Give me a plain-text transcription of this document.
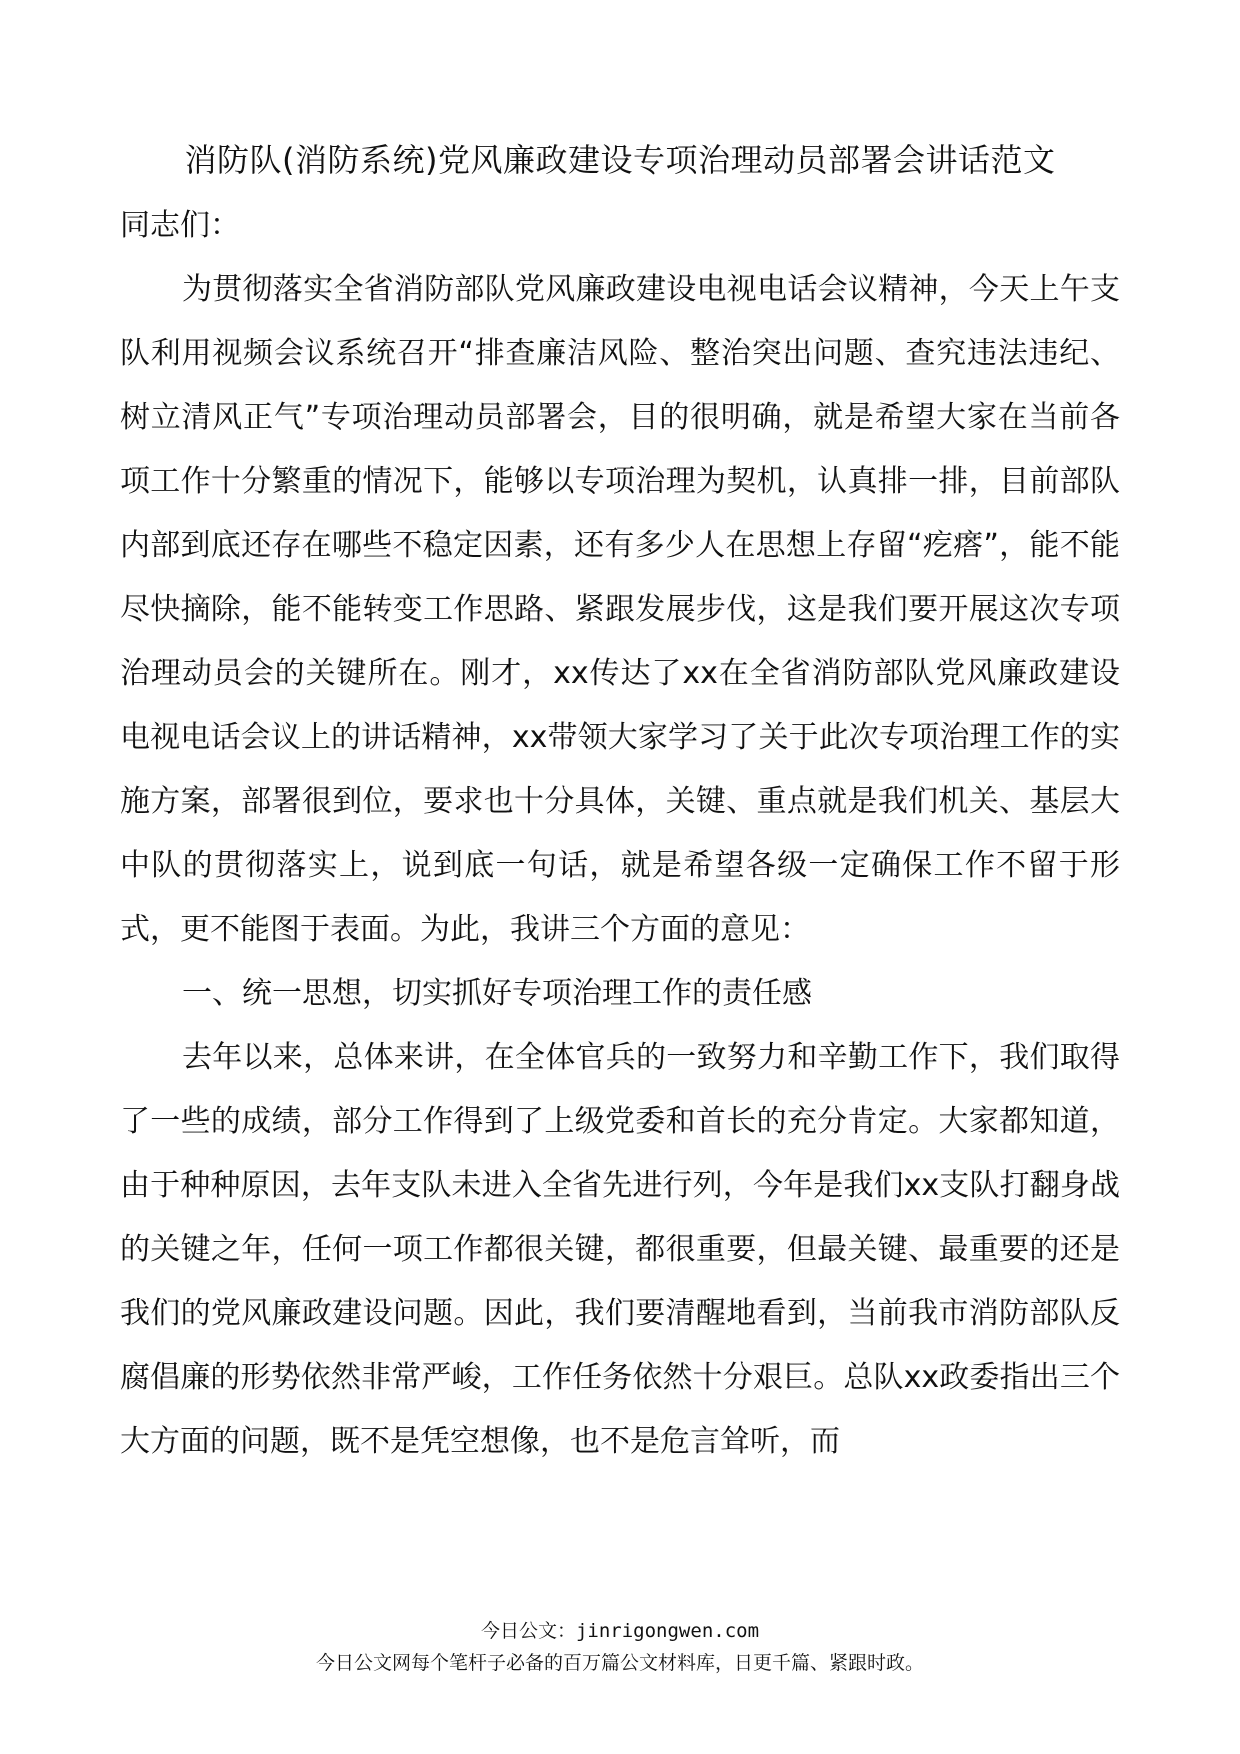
消防队(消防系统)党风廉政建设专项治理动员部署会讲话范文

同志们：

为贯彻落实全省消防部队党风廉政建设电视电话会议精神，今天上午支队利用视频会议系统召开“排查廉洁风险、整治突出问题、查究违法违纪、树立清风正气”专项治理动员部署会，目的很明确，就是希望大家在当前各项工作十分繁重的情况下，能够以专项治理为契机，认真排一排，目前部队内部到底还存在哪些不稳定因素，还有多少人在思想上存留“疙瘩”，能不能尽快摘除，能不能转变工作思路、紧跟发展步伐，这是我们要开展这次专项治理动员会的关键所在。刚才，xx传达了xx在全省消防部队党风廉政建设电视电话会议上的讲话精神，xx带领大家学习了关于此次专项治理工作的实施方案，部署很到位，要求也十分具体，关键、重点就是我们机关、基层大中队的贯彻落实上，说到底一句话，就是希望各级一定确保工作不留于形式，更不能图于表面。为此，我讲三个方面的意见：

一、统一思想，切实抓好专项治理工作的责任感

去年以来，总体来讲，在全体官兵的一致努力和辛勤工作下，我们取得了一些的成绩，部分工作得到了上级党委和首长的充分肯定。大家都知道，由于种种原因，去年支队未进入全省先进行列，今年是我们xx支队打翻身战的关键之年，任何一项工作都很关键，都很重要，但最关键、最重要的还是我们的党风廉政建设问题。因此，我们要清醒地看到，当前我市消防部队反腐倡廉的形势依然非常严峻，工作任务依然十分艰巨。总队xx政委指出三个大方面的问题，既不是凭空想像，也不是危言耸听，而

今日公文：jinrigongwen.com
今日公文网每个笔杆子必备的百万篇公文材料库，日更千篇、紧跟时政。
